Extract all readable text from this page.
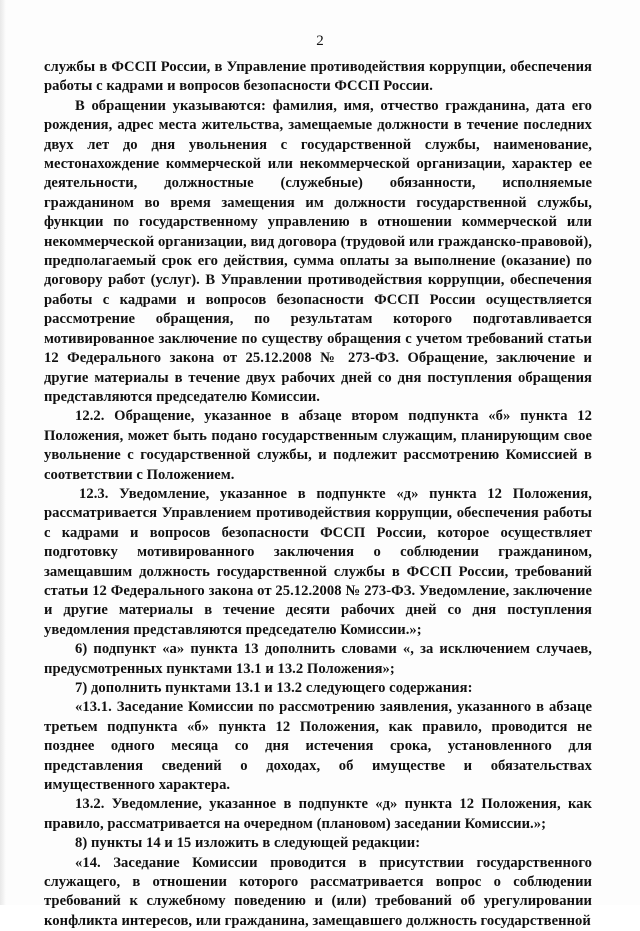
2

службы в ФССП России, в Управление противодействия коррупции, обеспечения работы с кадрами и вопросов безопасности ФССП России.

В обращении указываются: фамилия, имя, отчество гражданина, дата его рождения, адрес места жительства, замещаемые должности в течение последних двух лет до дня увольнения с государственной службы, наименование, местонахождение коммерческой или некоммерческой организации, характер ее деятельности, должностные (служебные) обязанности, исполняемые гражданином во время замещения им должности государственной службы, функции по государственному управлению в отношении коммерческой или некоммерческой организации, вид договора (трудовой или гражданско-правовой), предполагаемый срок его действия, сумма оплаты за выполнение (оказание) по договору работ (услуг). В Управлении противодействия коррупции, обеспечения работы с кадрами и вопросов безопасности ФССП России осуществляется рассмотрение обращения, по результатам которого подготавливается мотивированное заключение по существу обращения с учетом требований статьи 12 Федерального закона от 25.12.2008 № 273-ФЗ. Обращение, заключение и другие материалы в течение двух рабочих дней со дня поступления обращения представляются председателю Комиссии.

12.2. Обращение, указанное в абзаце втором подпункта «б» пункта 12 Положения, может быть подано государственным служащим, планирующим свое увольнение с государственной службы, и подлежит рассмотрению Комиссией в соответствии с Положением.

12.3. Уведомление, указанное в подпункте «д» пункта 12 Положения, рассматривается Управлением противодействия коррупции, обеспечения работы с кадрами и вопросов безопасности ФССП России, которое осуществляет подготовку мотивированного заключения о соблюдении гражданином, замещавшим должность государственной службы в ФССП России, требований статьи 12 Федерального закона от 25.12.2008 № 273-ФЗ. Уведомление, заключение и другие материалы в течение десяти рабочих дней со дня поступления уведомления представляются председателю Комиссии.»;

6) подпункт «а» пункта 13 дополнить словами «, за исключением случаев, предусмотренных пунктами 13.1 и 13.2 Положения»;

7) дополнить пунктами 13.1 и 13.2 следующего содержания:

«13.1. Заседание Комиссии по рассмотрению заявления, указанного в абзаце третьем подпункта «б» пункта 12 Положения, как правило, проводится не позднее одного месяца со дня истечения срока, установленного для представления сведений о доходах, об имуществе и обязательствах имущественного характера.

13.2. Уведомление, указанное в подпункте «д» пункта 12 Положения, как правило, рассматривается на очередном (плановом) заседании Комиссии.»;

8) пункты 14 и 15 изложить в следующей редакции:

«14. Заседание Комиссии проводится в присутствии государственного служащего, в отношении которого рассматривается вопрос о соблюдении требований к служебному поведению и (или) требований об урегулировании конфликта интересов, или гражданина, замещавшего должность государственной
